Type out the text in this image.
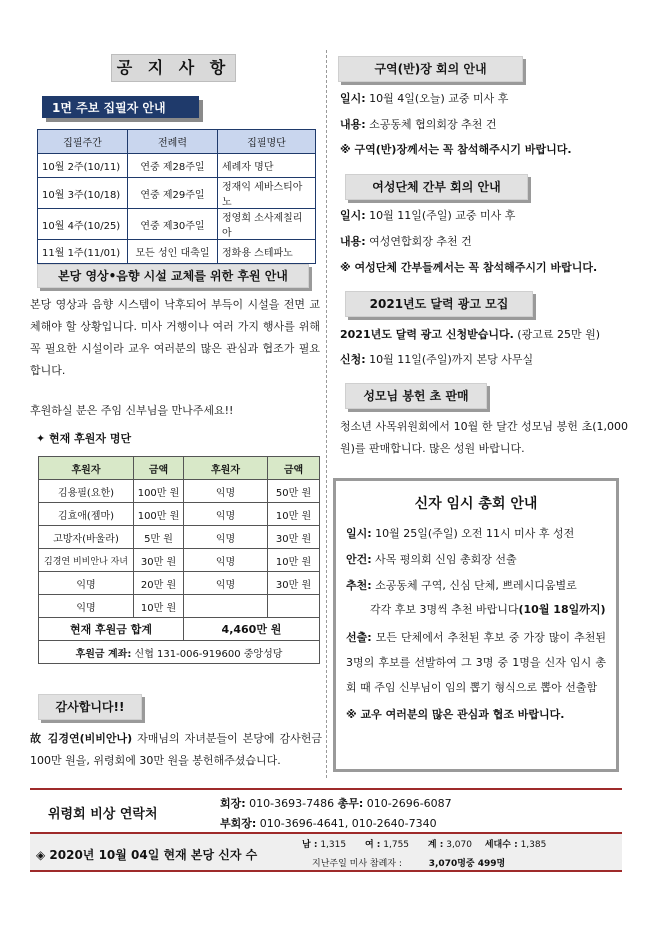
공 지 사 항
1면 주보 집필자 안내
집필주간	전례력	집필명단
10월 2주(10/11)	연중 제28주일	세례자 명단
10월 3주(10/18)	연중 제29주일	정재익 세바스티아노
10월 4주(10/25)	연중 제30주일	정영희 소사제칠리아
11월 1주(11/01)	모든 성인 대축일	정화용 스테파노
본당 영상•음향 시설 교체를 위한 후원 안내
본당 영상과 음향 시스템이 낙후되어 부득이 시설을 전면 교체해야 할 상황입니다. 미사 거행이나 여러 가지 행사를 위해 꼭 필요한 시설이라 교우 여러분의 많은 관심과 협조가 필요합니다.
후원하실 분은 주임 신부님을 만나주세요!!
✦ 현재 후원자 명단
후원자	금액	후원자	금액
김용필(요한)	100만 원	익명	50만 원
김효애(젬마)	100만 원	익명	10만 원
고방자(바울라)	5만 원	익명	30만 원
김경연 비비안나 자녀	30만 원	익명	10만 원
익명	20만 원	익명	30만 원
익명	10만 원		
현재 후원금 합계		4,460만 원	
후원금 계좌: 신협 131-006-919600 중앙성당			
감사합니다!!
故 김경연(비비안나) 자매님의 자녀분들이 본당에 감사헌금 100만 원을, 위령회에 30만 원을 봉헌해주셨습니다.
구역(반)장 회의 안내
일시: 10월 4일(오늘) 교중 미사 후
내용: 소공동체 협의회장 추천 건
※ 구역(반)장께서는 꼭 참석해주시기 바랍니다.
여성단체 간부 회의 안내
일시: 10월 11일(주일) 교중 미사 후
내용: 여성연합회장 추천 건
※ 여성단체 간부들께서는 꼭 참석해주시기 바랍니다.
2021년도 달력 광고 모집
2021년도 달력 광고 신청받습니다. (광고료 25만 원)
신청: 10월 11일(주일)까지 본당 사무실
성모님 봉헌 초 판매
청소년 사목위원회에서 10월 한 달간 성모님 봉헌 초(1,000원)를 판매합니다. 많은 성원 바랍니다.
신자 임시 총회 안내
일시: 10월 25일(주일) 오전 11시 미사 후 성전
안건: 사목 평의회 신임 총회장 선출
추천: 소공동체 구역, 신심 단체, 쁘레시디움별로
각각 후보 3명씩 추천 바랍니다(10월 18일까지)
선출: 모든 단체에서 추천된 후보 중 가장 많이 추천된 3명의 후보를 선발하여 그 3명 중 1명을 신자 임시 총회 때 주임 신부님이 임의 뽑기 형식으로 뽑아 선출함
※ 교우 여러분의 많은 관심과 협조 바랍니다.
위령회 비상 연락처
회장: 010-3693-7486 총무: 010-2696-6087
부회장: 010-3696-4641, 010-2640-7340
◈ 2020년 10월 04일 현재 본당 신자 수
남 : 1,315 여 : 1,755 계 : 3,070 세대수 : 1,385
지난주일 미사 참례자 :	3,070명중 499명
